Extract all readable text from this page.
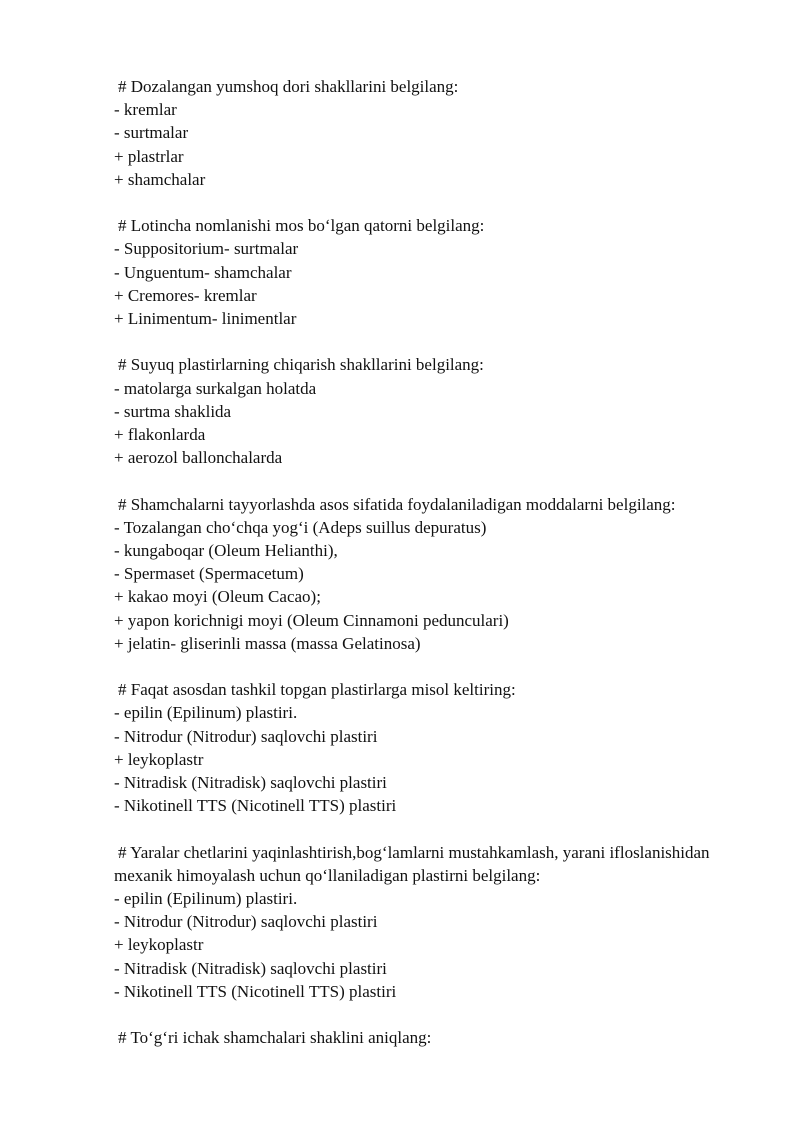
# Dozalangan yumshoq dori shakllarini belgilang:
- kremlar
- surtmalar
+ plastrlar
+ shamchalar
# Lotincha nomlanishi mos bo‘lgan qatorni belgilang:
- Suppositorium- surtmalar
- Unguentum- shamchalar
+ Cremores- kremlar
+ Linimentum- linimentlar
# Suyuq plastirlarning chiqarish shakllarini belgilang:
- matolarga surkalgan holatda
- surtma shaklida
+ flakonlarda
+ aerozol ballonchalarda
# Shamchalarni tayyorlashda asos sifatida foydalaniladigan moddalarni belgilang:
- Tozalangan cho‘chqa yog‘i (Adeps suillus depuratus)
- kungaboqar (Oleum Helianthi),
- Spermaset (Spermacetum)
+ kakao moyi (Oleum Cacao);
+ yapon korichnigi moyi (Oleum Cinnamoni pedunculari)
+ jelatin- gliserinli massa (massa Gelatinosa)
# Faqat asosdan tashkil topgan plastirlarga misol keltiring:
- epilin (Epilinum) plastiri.
- Nitrodur (Nitrodur) saqlovchi plastiri
+ leykoplastr
- Nitradisk (Nitradisk) saqlovchi plastiri
- Nikotinell TTS (Nicotinell TTS) plastiri
# Yaralar chetlarini yaqinlashtirish,bog‘lamlarni mustahkamlash, yarani ifloslanishidan mexanik himoyalash uchun qo‘llaniladigan plastirni belgilang:
- epilin (Epilinum) plastiri.
- Nitrodur (Nitrodur) saqlovchi plastiri
+ leykoplastr
- Nitradisk (Nitradisk) saqlovchi plastiri
- Nikotinell TTS (Nicotinell TTS) plastiri
# To‘g‘ri ichak shamchalari shaklini aniqlang:
